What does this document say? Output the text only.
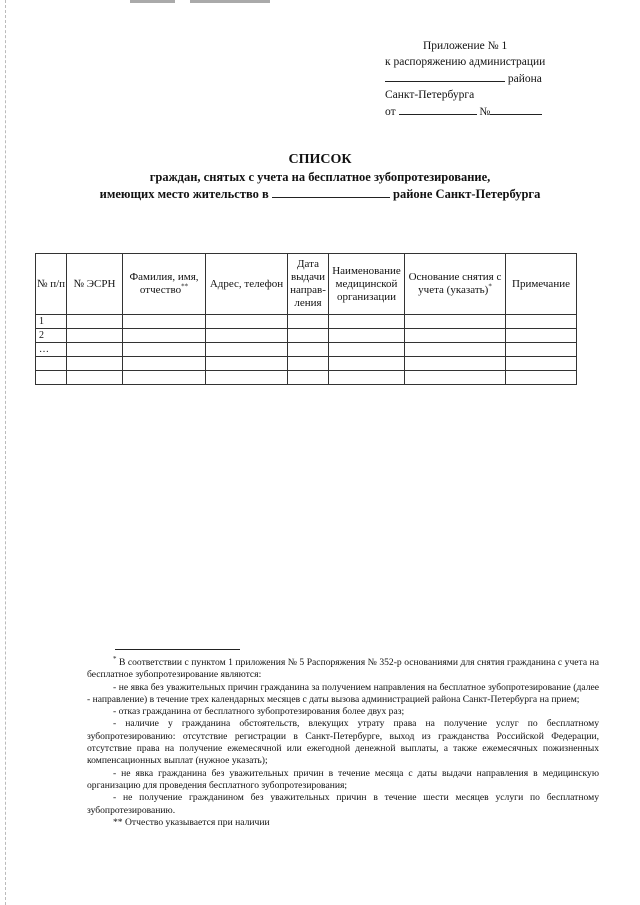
Приложение № 1
к распоряжению администрации
района
Санкт-Петербурга
от	№
СПИСОК
граждан, снятых с учета на бесплатное зубопротезирование,
имеющих место жительство в	районе Санкт-Петербурга
№ п/п	№ ЭСРН	Фамилия, имя, отчество**	Адрес, телефон	Дата выдачи направ-ления	Наименование медицинской организации	Основание снятия с учета (указать)*	Примечание
1							
2							
…							

* В соответствии с пунктом 1 приложения № 5 Распоряжения № 352-р основаниями для снятия гражданина с учета на бесплатное зубопротезирование являются:

- не явка без уважительных причин гражданина за получением направления на бесплатное зубопротезирование (далее - направление) в течение трех календарных месяцев с даты вызова администрацией района Санкт-Петербурга на прием;

- отказ гражданина от бесплатного зубопротезирования более двух раз;

- наличие у гражданина обстоятельств, влекущих утрату права на получение услуг по бесплатному зубопротезированию: отсутствие регистрации в Санкт-Петербурге, выход из гражданства Российской Федерации, отсутствие права на получение ежемесячной или ежегодной денежной выплаты, а также ежемесячных пожизненных компенсационных выплат (нужное указать);

- не явка гражданина без уважительных причин в течение месяца с даты выдачи направления в медицинскую организацию для проведения бесплатного зубопротезирования;

- не получение гражданином без уважительных причин в течение шести месяцев услуги по бесплатному зубопротезированию.

** Отчество указывается при наличии
